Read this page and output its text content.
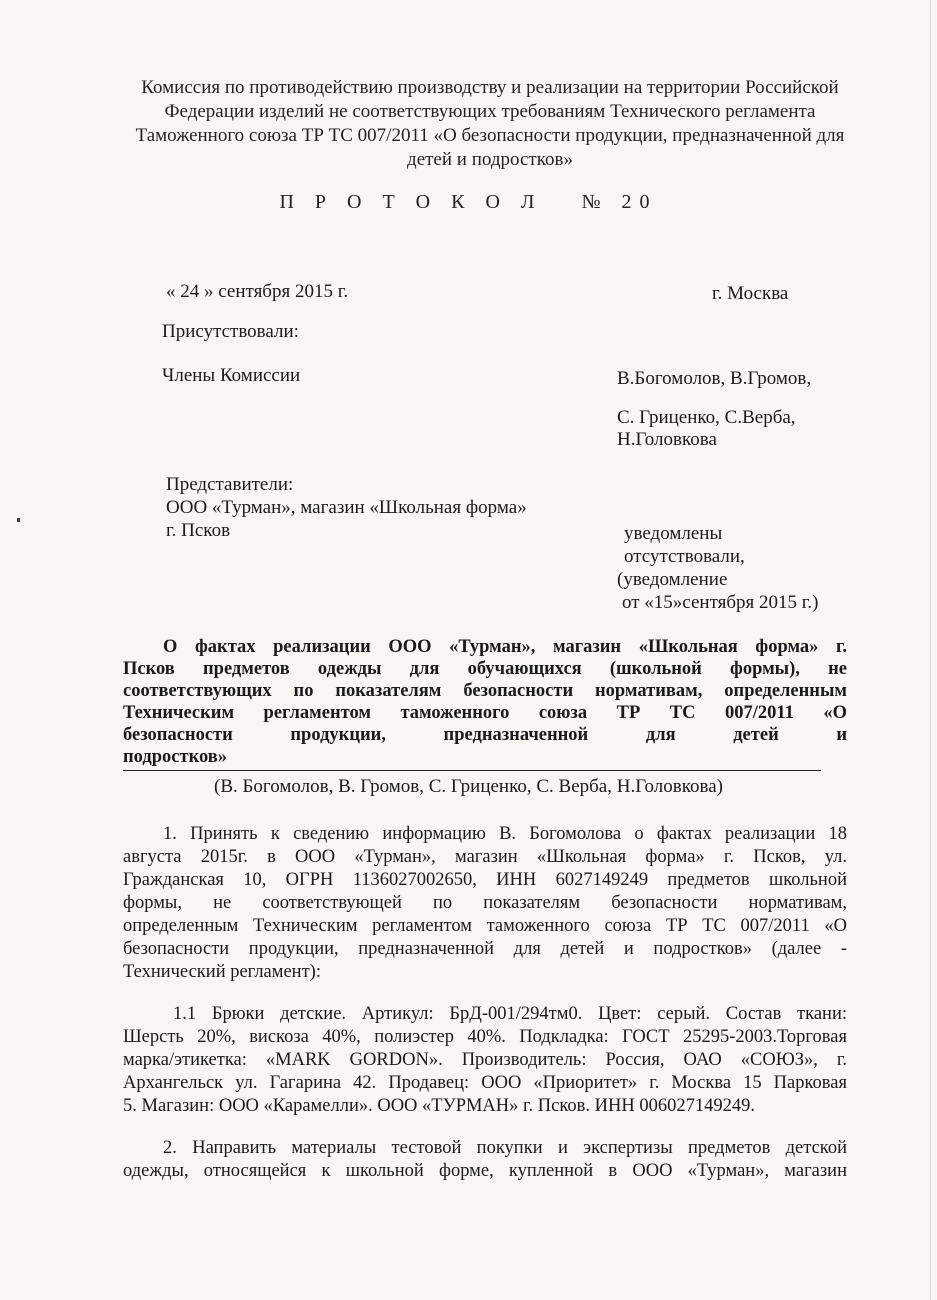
Комиссия по противодействию производству и реализации на территории Российской
Федерации изделий не соответствующих требованиям Технического регламента
Таможенного союза ТР ТС 007/2011 «О безопасности продукции, предназначенной для
детей и подростков»
П Р О Т О К О Л   № 20
« 24 » сентября 2015 г.	г. Москва
Присутствовали:
Члены Комиссии	В.Богомолов, В.Громов,
С. Гриценко, С.Верба,
Н.Головкова
Представители:
ООО «Турман», магазин «Школьная форма»
г. Псков	уведомлены
отсутствовали,
(уведомление
от «15»сентября 2015 г.)
О фактах реализации ООО «Турман», магазин «Школьная форма» г.
Псков предметов одежды для обучающихся (школьной формы), не
соответствующих по показателям безопасности нормативам, определенным
Техническим регламентом таможенного союза ТР ТС 007/2011 «О
безопасности продукции, предназначенной для детей и
подростков»
(В. Богомолов, В. Громов, С. Гриценко, С. Верба, Н.Головкова)
1. Принять к сведению информацию В. Богомолова о фактах реализации 18
августа 2015г. в ООО «Турман», магазин «Школьная форма» г. Псков, ул.
Гражданская 10, ОГРН 1136027002650, ИНН 6027149249 предметов школьной
формы, не соответствующей по показателям безопасности нормативам,
определенным Техническим регламентом таможенного союза ТР ТС 007/2011 «О
безопасности продукции, предназначенной для детей и подростков» (далее -
Технический регламент):
1.1 Брюки детские. Артикул: БрД-001/294тм0. Цвет: серый. Состав ткани:
Шерсть 20%, вискоза 40%, полиэстер 40%. Подкладка: ГОСТ 25295-2003.Торговая
марка/этикетка: «MARK GORDON». Производитель: Россия, ОАО «СОЮЗ», г.
Архангельск ул. Гагарина 42. Продавец: ООО «Приоритет» г. Москва 15 Парковая
5. Магазин: ООО «Карамелли». ООО «ТУРМАН» г. Псков. ИНН 006027149249.
2. Направить материалы тестовой покупки и экспертизы предметов детской
одежды, относящейся к школьной форме, купленной в ООО «Турман», магазин
